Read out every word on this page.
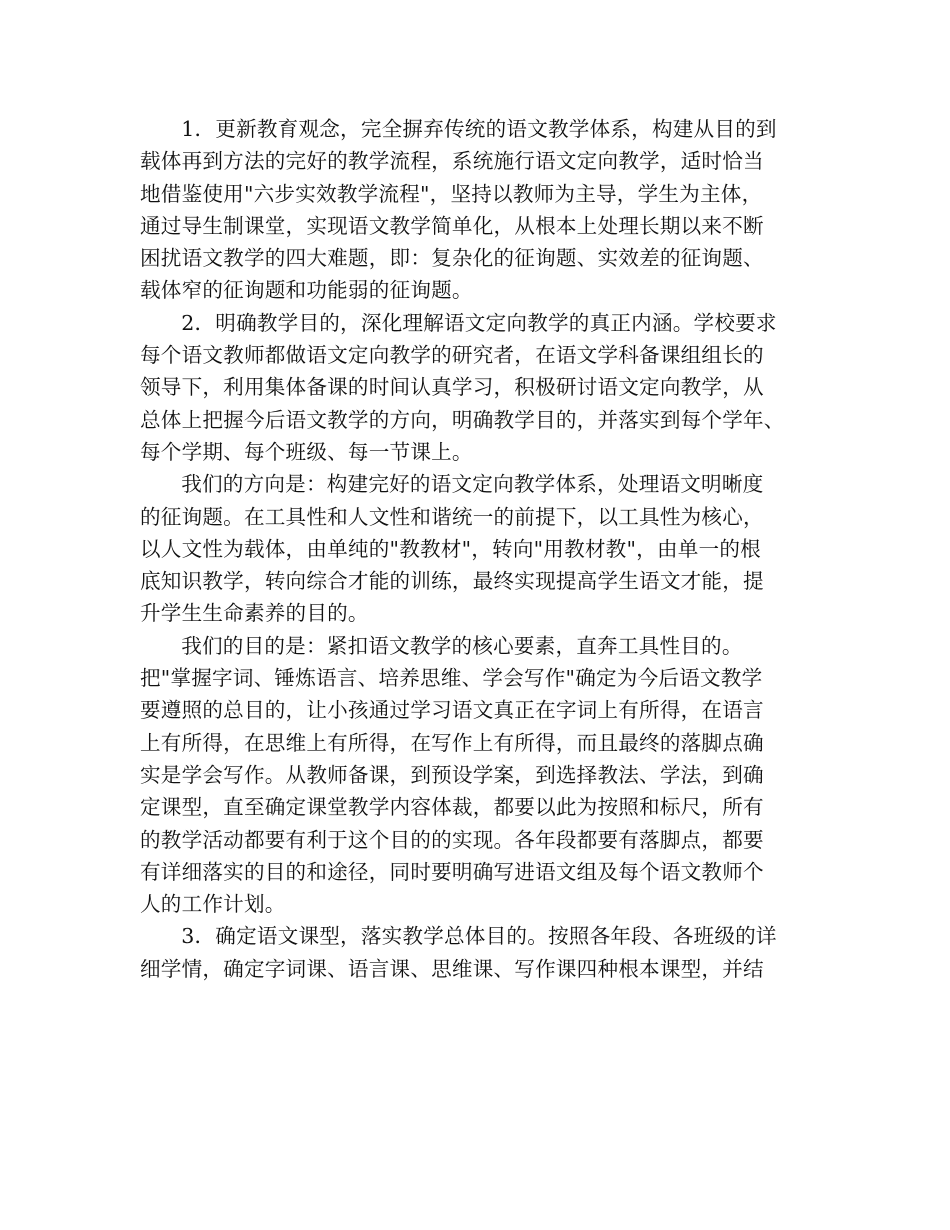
1．更新教育观念，完全摒弃传统的语文教学体系，构建从目的到
载体再到方法的完好的教学流程，系统施行语文定向教学，适时恰当
地借鉴使用"六步实效教学流程"，坚持以教师为主导，学生为主体，
通过导生制课堂，实现语文教学简单化，从根本上处理长期以来不断
困扰语文教学的四大难题，即：复杂化的征询题、实效差的征询题、
载体窄的征询题和功能弱的征询题。

2．明确教学目的，深化理解语文定向教学的真正内涵。学校要求
每个语文教师都做语文定向教学的研究者，在语文学科备课组组长的
领导下，利用集体备课的时间认真学习，积极研讨语文定向教学，从
总体上把握今后语文教学的方向，明确教学目的，并落实到每个学年、
每个学期、每个班级、每一节课上。

我们的方向是：构建完好的语文定向教学体系，处理语文明晰度
的征询题。在工具性和人文性和谐统一的前提下，以工具性为核心，
以人文性为载体，由单纯的"教教材"，转向"用教材教"，由单一的根
底知识教学，转向综合才能的训练，最终实现提高学生语文才能，提
升学生生命素养的目的。

我们的目的是：紧扣语文教学的核心要素，直奔工具性目的。
把"掌握字词、锤炼语言、培养思维、学会写作"确定为今后语文教学
要遵照的总目的，让小孩通过学习语文真正在字词上有所得，在语言
上有所得，在思维上有所得，在写作上有所得，而且最终的落脚点确
实是学会写作。从教师备课，到预设学案，到选择教法、学法，到确
定课型，直至确定课堂教学内容体裁，都要以此为按照和标尺，所有
的教学活动都要有利于这个目的的实现。各年段都要有落脚点，都要
有详细落实的目的和途径，同时要明确写进语文组及每个语文教师个
人的工作计划。

3．确定语文课型，落实教学总体目的。按照各年段、各班级的详
细学情，确定字词课、语言课、思维课、写作课四种根本课型，并结
